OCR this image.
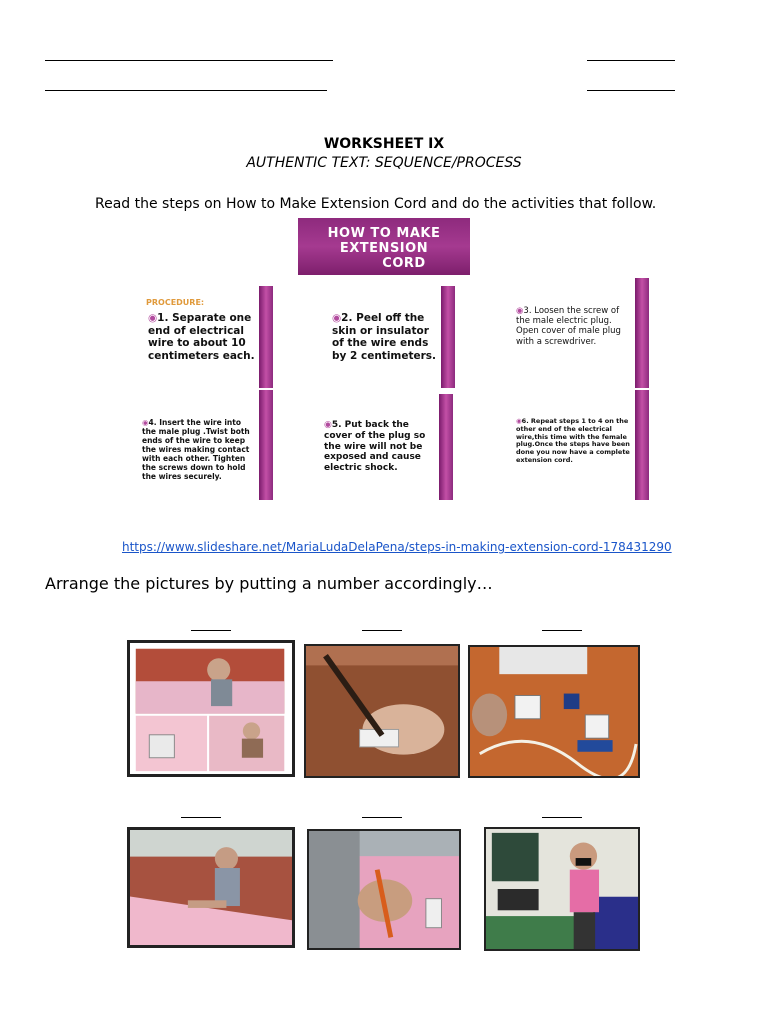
WORKSHEET IX
AUTHENTIC TEXT: SEQUENCE/PROCESS
Read the steps on How to Make Extension Cord and do the activities that follow.
HOW TO MAKE
EXTENSION
CORD
PROCEDURE:
◉1. Separate one end of electrical wire to about 10 centimeters each.
◉2. Peel off the skin or insulator of the wire ends by 2 centimeters.
◉3. Loosen the screw of the male electric plug. Open cover of male plug with a screwdriver.
◉4. Insert the wire into the male plug .Twist both ends of the wire to keep the wires making contact with each other. Tighten the screws down to hold the wires securely.
◉5. Put back the cover of the plug so the wire will not be exposed and cause electric shock.
◉6. Repeat steps 1 to 4 on the other end of the electrical wire,this time with the female plug.Once the steps have been done you now have a complete extension cord.
https://www.slideshare.net/MariaLudaDelaPena/steps-in-making-extension-cord-178431290
Arrange the pictures by putting a number accordingly…
